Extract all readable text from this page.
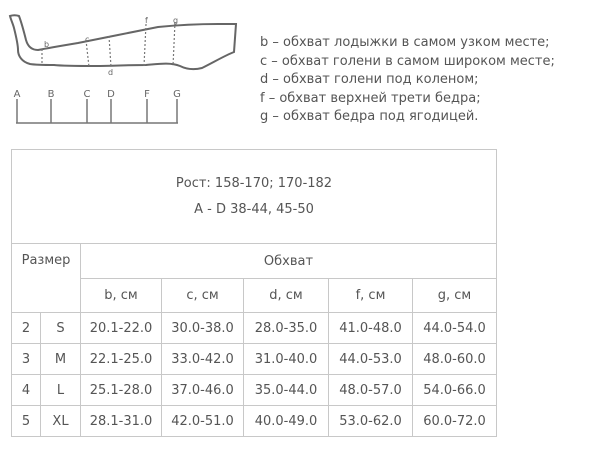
b
c
d
f	g
A	B	C D	F G
b – обхват лодыжки в самом узком месте;
c – обхват голени в самом широком месте;
d – обхват голени под коленом;
f – обхват верхней трети бедра;
g – обхват бедра под ягодицей.
Рост: 158-170; 170-182
A - D 38-44, 45-50						

Размер		Обхват				
		b, см	c, см	d, см	f, см	g, см
2	S	20.1-22.0	30.0-38.0	28.0-35.0	41.0-48.0	44.0-54.0
3	M	22.1-25.0	33.0-42.0	31.0-40.0	44.0-53.0	48.0-60.0
4	L	25.1-28.0	37.0-46.0	35.0-44.0	48.0-57.0	54.0-66.0
5	XL	28.1-31.0	42.0-51.0	40.0-49.0	53.0-62.0	60.0-72.0
